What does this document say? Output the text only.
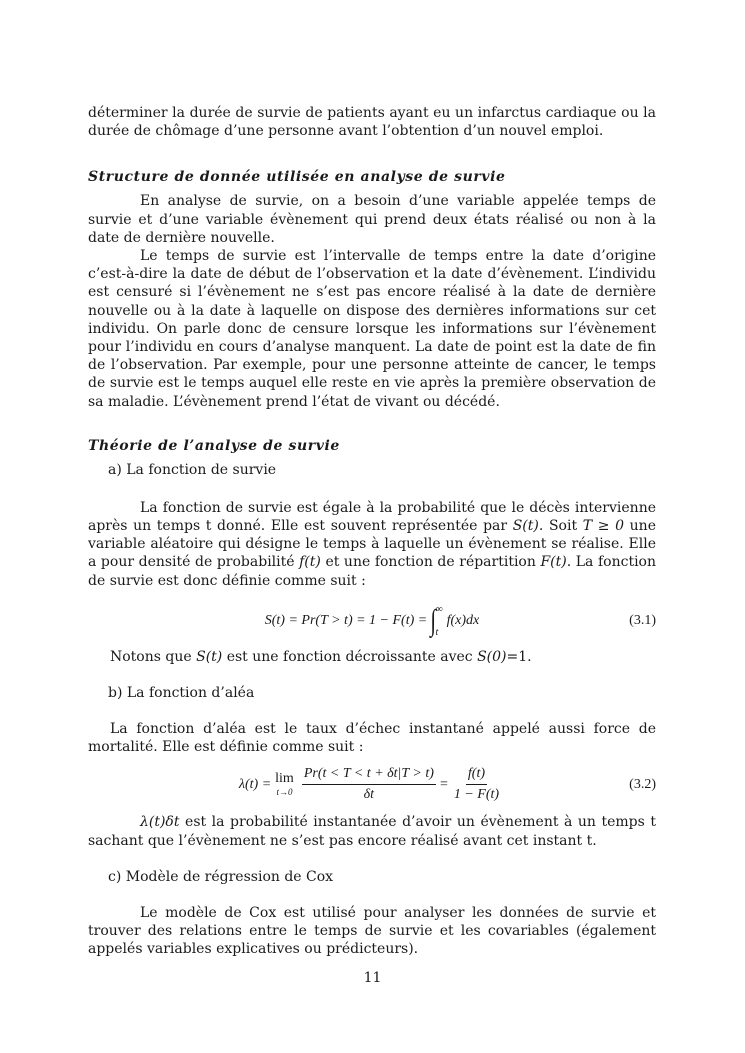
déterminer la durée de survie de patients ayant eu un infarctus cardiaque ou la durée de chômage d’une personne avant l’obtention d’un nouvel emploi.

Structure de donnée utilisée en analyse de survie

En analyse de survie, on a besoin d’une variable appelée temps de survie et d’une variable évènement qui prend deux états réalisé ou non à la date de dernière nouvelle.

Le temps de survie est l’intervalle de temps entre la date d’origine c’est-à-dire la date de début de l’observation et la date d’évènement. L’individu est censuré si l’évènement ne s’est pas encore réalisé à la date de dernière nouvelle ou à la date à laquelle on dispose des dernières informations sur cet individu. On parle donc de censure lorsque les informations sur l’évènement pour l’individu en cours d’analyse manquent. La date de point est la date de fin de l’observation. Par exemple, pour une personne atteinte de cancer, le temps de survie est le temps auquel elle reste en vie après la première observation de sa maladie. L’évènement prend l’état de vivant ou décédé.

Théorie de l’analyse de survie
a) La fonction de survie

La fonction de survie est égale à la probabilité que le décès intervienne après un temps t donné. Elle est souvent représentée par S(t). Soit T ≥ 0 une variable aléatoire qui désigne le temps à laquelle un évènement se réalise. Elle a pour densité de probabilité f(t) et une fonction de répartition F(t). La fonction de survie est donc définie comme suit :

S(t) = Pr(T > t) = 1 − F(t) = ∫ ∞
t
f(x)dx	(3.1)

Notons que S(t) est une fonction décroissante avec S(0)=1.

b) La fonction d’aléa

La fonction d’aléa est le taux d’échec instantané appelé aussi force de mortalité. Elle est définie comme suit :

λ(t) = lim
$t\to 0 \frac{Pr(t < T < t + \delta t|T > t)}{\delta t} = \frac{f(t)}{1 - F(t)}$	(3.2)

λ(t)δt est la probabilité instantanée d’avoir un évènement à un temps t sachant que l’évènement ne s’est pas encore réalisé avant cet instant t.

c) Modèle de régression de Cox

Le modèle de Cox est utilisé pour analyser les données de survie et trouver des relations entre le temps de survie et les covariables (également appelés variables explicatives ou prédicteurs).

11
